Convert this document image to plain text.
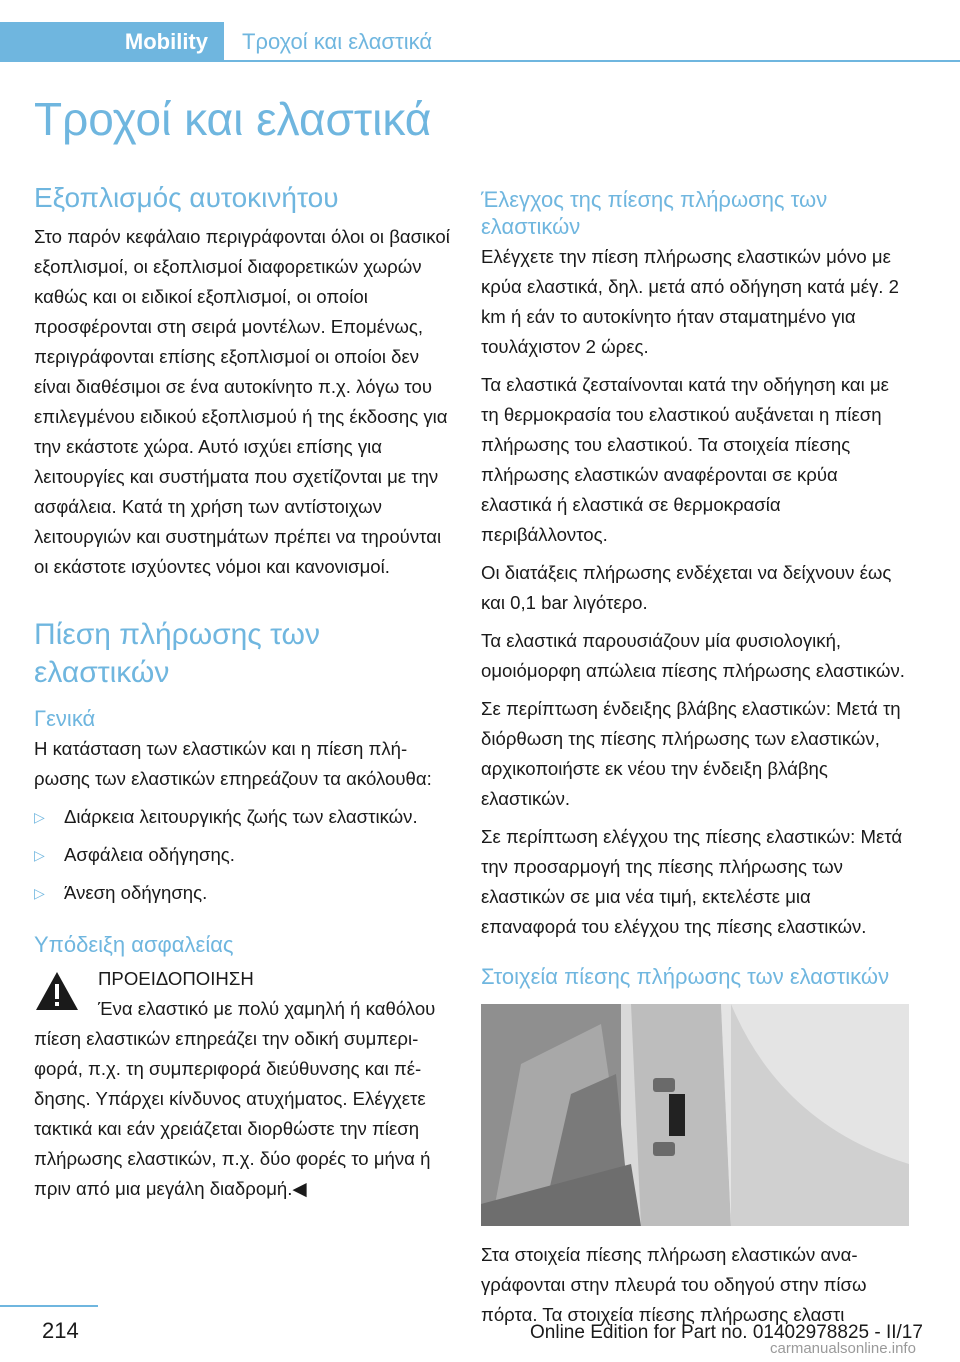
Mobility	Τροχοί και ελαστικά
Τροχοί και ελαστικά
Εξοπλισμός αυτοκινήτου

Στο παρόν κεφάλαιο περιγράφονται όλοι οι βασικοί εξοπλισμοί, οι εξοπλισμοί διαφορετικών χωρών καθώς και οι ειδικοί εξοπλισμοί, οι οποίοι προσφέρονται στη σειρά μοντέλων. Επομένως, περιγράφονται επίσης εξοπλισμοί οι οποίοι δεν είναι διαθέσιμοι σε ένα αυτοκίνητο π.χ. λόγω του επιλεγμένου ειδικού εξοπλισμού ή της έκδοσης για την εκάστοτε χώρα. Αυτό ισχύει επίσης για λειτουργίες και συστήματα που σχετίζονται με την ασφάλεια. Κατά τη χρήση των αντίστοιχων λειτουργιών και συστημάτων πρέπει να τηρούνται οι εκάστοτε ισχύοντες νόμοι και κανονισμοί.

Πίεση πλήρωσης των ελαστικών
Γενικά

Η κατάσταση των ελαστικών και η πίεση πλήρωσης των ελαστικών επηρεάζουν τα ακόλουθα:

▷ Διάρκεια λειτουργικής ζωής των ελαστικών.
▷ Ασφάλεια οδήγησης.
▷ Άνεση οδήγησης.
Υπόδειξη ασφαλείας
ΠΡΟΕΙΔΟΠΟΙΗΣΗ
Ένα ελαστικό με πολύ χαμηλή ή καθόλου
πίεση ελαστικών επηρεάζει την οδική συμπεριφορά, π.χ. τη συμπεριφορά διεύθυνσης και πέδησης. Υπάρχει κίνδυνος ατυχήματος. Ελέγχετε τακτικά και εάν χρειάζεται διορθώστε την πίεση πλήρωσης ελαστικών, π.χ. δύο φορές το μήνα ή πριν από μια μεγάλη διαδρομή.◀
Έλεγχος της πίεσης πλήρωσης των ελαστικών

Ελέγχετε την πίεση πλήρωσης ελαστικών μόνο με κρύα ελαστικά, δηλ. μετά από οδήγηση κατά μέγ. 2 km ή εάν το αυτοκίνητο ήταν σταματημένο για τουλάχιστον 2 ώρες.

Τα ελαστικά ζεσταίνονται κατά την οδήγηση και με τη θερμοκρασία του ελαστικού αυξάνεται η πίεση πλήρωσης του ελαστικού. Τα στοιχεία πίεσης πλήρωσης ελαστικών αναφέρονται σε κρύα ελαστικά ή ελαστικά σε θερμοκρασία περιβάλλοντος.

Οι διατάξεις πλήρωσης ενδέχεται να δείχνουν έως και 0,1 bar λιγότερο.

Τα ελαστικά παρουσιάζουν μία φυσιολογική, ομοιόμορφη απώλεια πίεσης πλήρωσης ελαστικών.

Σε περίπτωση ένδειξης βλάβης ελαστικών: Μετά τη διόρθωση της πίεσης πλήρωσης των ελαστικών, αρχικοποιήστε εκ νέου την ένδειξη βλάβης ελαστικών.

Σε περίπτωση ελέγχου της πίεσης ελαστικών: Μετά την προσαρμογή της πίεσης πλήρωσης των ελαστικών σε μια νέα τιμή, εκτελέστε μια επαναφορά του ελέγχου της πίεσης ελαστικών.

Στοιχεία πίεσης πλήρωσης των ελαστικών

Στα στοιχεία πίεσης πλήρωση ελαστικών αναγράφονται στην πλευρά του οδηγού στην πίσω πόρτα. Τα στοιχεία πίεσης πλήρωσης ελαστι

214	Online Edition for Part no. 01402978825 - II/17
carmanualsonline.info
